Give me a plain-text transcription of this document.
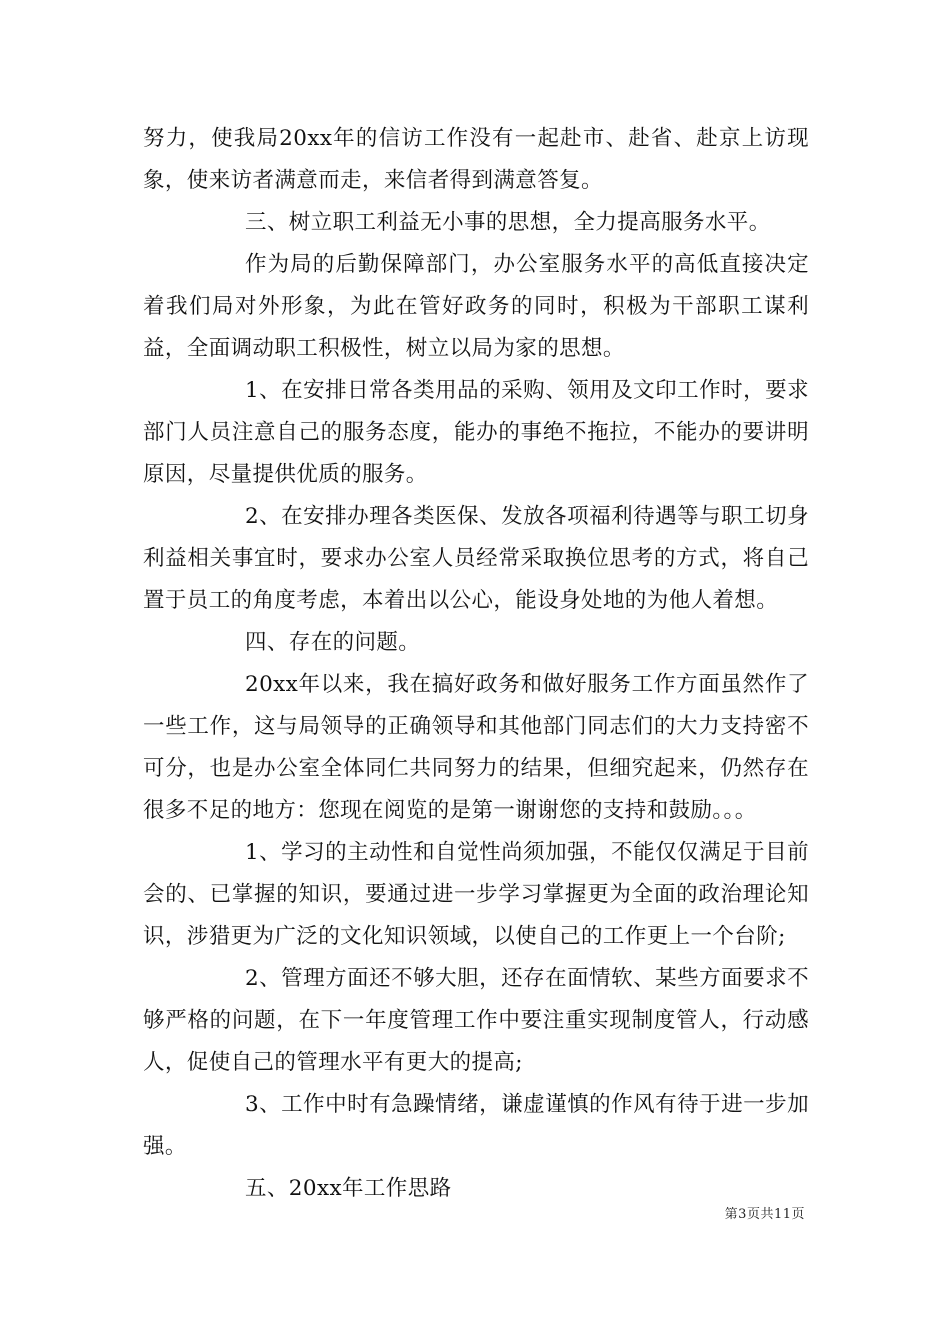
努力，使我局20xx年的信访工作没有一起赴市、赴省、赴京上访现象，使来访者满意而走，来信者得到满意答复。

三、树立职工利益无小事的思想，全力提高服务水平。

作为局的后勤保障部门，办公室服务水平的高低直接决定着我们局对外形象，为此在管好政务的同时，积极为干部职工谋利益，全面调动职工积极性，树立以局为家的思想。

1、在安排日常各类用品的采购、领用及文印工作时，要求部门人员注意自己的服务态度，能办的事绝不拖拉，不能办的要讲明原因，尽量提供优质的服务。

2、在安排办理各类医保、发放各项福利待遇等与职工切身利益相关事宜时，要求办公室人员经常采取换位思考的方式，将自己置于员工的角度考虑，本着出以公心，能设身处地的为他人着想。

四、存在的问题。

20xx年以来，我在搞好政务和做好服务工作方面虽然作了一些工作，这与局领导的正确领导和其他部门同志们的大力支持密不可分，也是办公室全体同仁共同努力的结果，但细究起来，仍然存在很多不足的地方：您现在阅览的是第一谢谢您的支持和鼓励。。。

1、学习的主动性和自觉性尚须加强，不能仅仅满足于目前会的、已掌握的知识，要通过进一步学习掌握更为全面的政治理论知识，涉猎更为广泛的文化知识领域，以使自己的工作更上一个台阶;

2、管理方面还不够大胆，还存在面情软、某些方面要求不够严格的问题，在下一年度管理工作中要注重实现制度管人，行动感人，促使自己的管理水平有更大的提高;

3、工作中时有急躁情绪，谦虚谨慎的作风有待于进一步加强。

五、20xx年工作思路

第3页共11页
